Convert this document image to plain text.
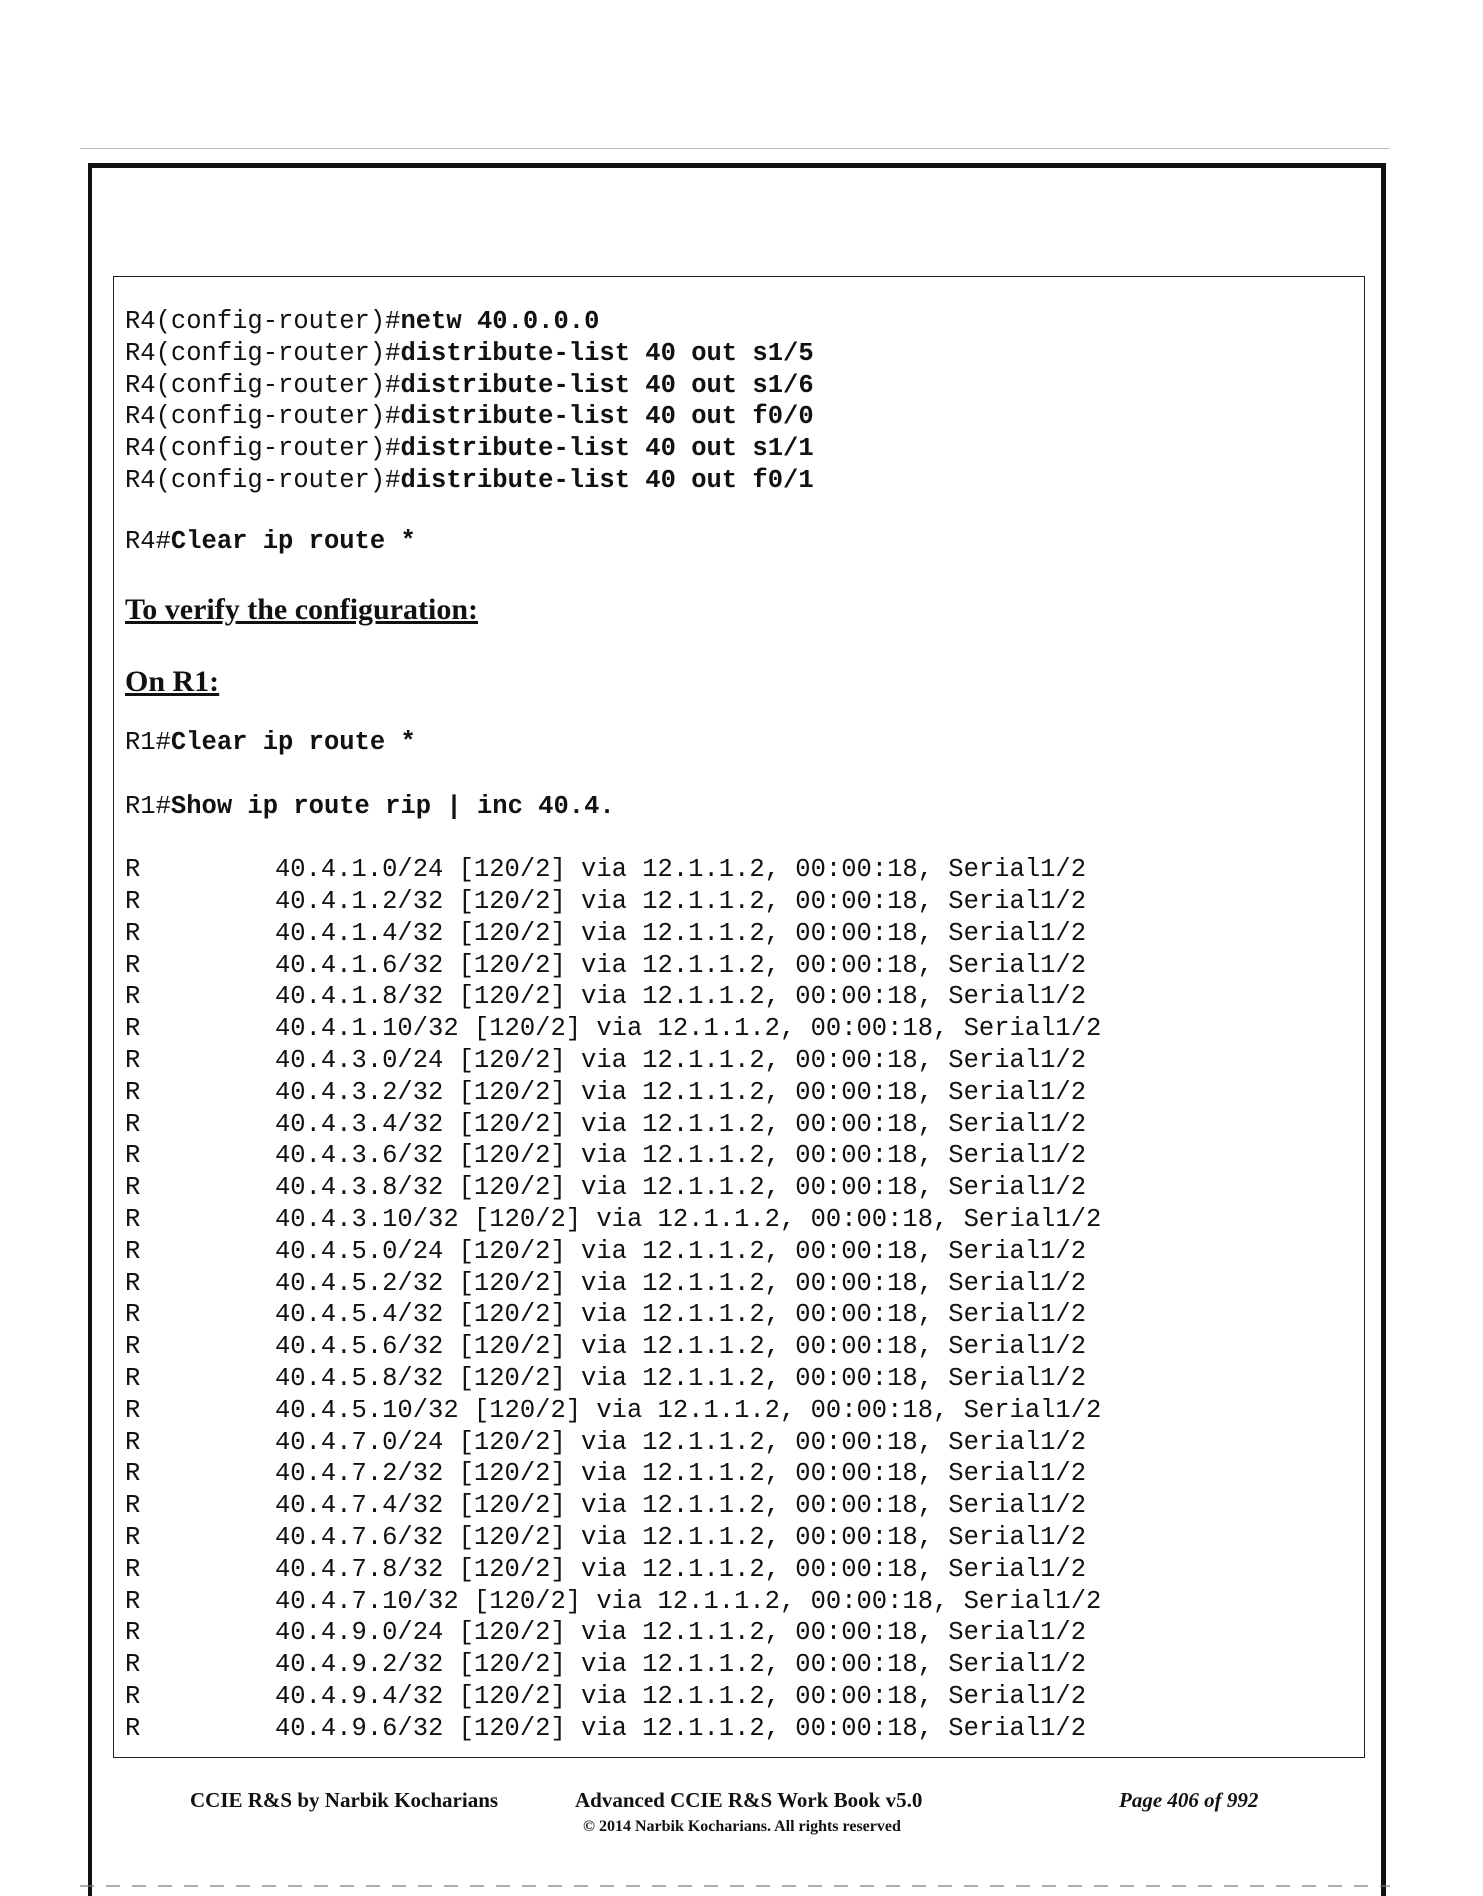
R4(config-router)#netw 40.0.0.0
R4(config-router)#distribute-list 40 out s1/5
R4(config-router)#distribute-list 40 out s1/6
R4(config-router)#distribute-list 40 out f0/0
R4(config-router)#distribute-list 40 out s1/1
R4(config-router)#distribute-list 40 out f0/1
R4#Clear ip route *
To verify the configuration:
On R1:
R1#Clear ip route *
R1#Show ip route rip | inc 40.4.
R	40.4.1.0/24 [120/2] via 12.1.1.2, 00:00:18, Serial1/2
R	40.4.1.2/32 [120/2] via 12.1.1.2, 00:00:18, Serial1/2
R	40.4.1.4/32 [120/2] via 12.1.1.2, 00:00:18, Serial1/2
R	40.4.1.6/32 [120/2] via 12.1.1.2, 00:00:18, Serial1/2
R	40.4.1.8/32 [120/2] via 12.1.1.2, 00:00:18, Serial1/2
R	40.4.1.10/32 [120/2] via 12.1.1.2, 00:00:18, Serial1/2
R	40.4.3.0/24 [120/2] via 12.1.1.2, 00:00:18, Serial1/2
R	40.4.3.2/32 [120/2] via 12.1.1.2, 00:00:18, Serial1/2
R	40.4.3.4/32 [120/2] via 12.1.1.2, 00:00:18, Serial1/2
R	40.4.3.6/32 [120/2] via 12.1.1.2, 00:00:18, Serial1/2
R	40.4.3.8/32 [120/2] via 12.1.1.2, 00:00:18, Serial1/2
R	40.4.3.10/32 [120/2] via 12.1.1.2, 00:00:18, Serial1/2
R	40.4.5.0/24 [120/2] via 12.1.1.2, 00:00:18, Serial1/2
R	40.4.5.2/32 [120/2] via 12.1.1.2, 00:00:18, Serial1/2
R	40.4.5.4/32 [120/2] via 12.1.1.2, 00:00:18, Serial1/2
R	40.4.5.6/32 [120/2] via 12.1.1.2, 00:00:18, Serial1/2
R	40.4.5.8/32 [120/2] via 12.1.1.2, 00:00:18, Serial1/2
R	40.4.5.10/32 [120/2] via 12.1.1.2, 00:00:18, Serial1/2
R	40.4.7.0/24 [120/2] via 12.1.1.2, 00:00:18, Serial1/2
R	40.4.7.2/32 [120/2] via 12.1.1.2, 00:00:18, Serial1/2
R	40.4.7.4/32 [120/2] via 12.1.1.2, 00:00:18, Serial1/2
R	40.4.7.6/32 [120/2] via 12.1.1.2, 00:00:18, Serial1/2
R	40.4.7.8/32 [120/2] via 12.1.1.2, 00:00:18, Serial1/2
R	40.4.7.10/32 [120/2] via 12.1.1.2, 00:00:18, Serial1/2
R	40.4.9.0/24 [120/2] via 12.1.1.2, 00:00:18, Serial1/2
R	40.4.9.2/32 [120/2] via 12.1.1.2, 00:00:18, Serial1/2
R	40.4.9.4/32 [120/2] via 12.1.1.2, 00:00:18, Serial1/2
R	40.4.9.6/32 [120/2] via 12.1.1.2, 00:00:18, Serial1/2
CCIE R&S by Narbik Kocharians	Advanced CCIE R&S Work Book v5.0
© 2014 Narbik Kocharians. All rights reserved
Page 406 of 992
